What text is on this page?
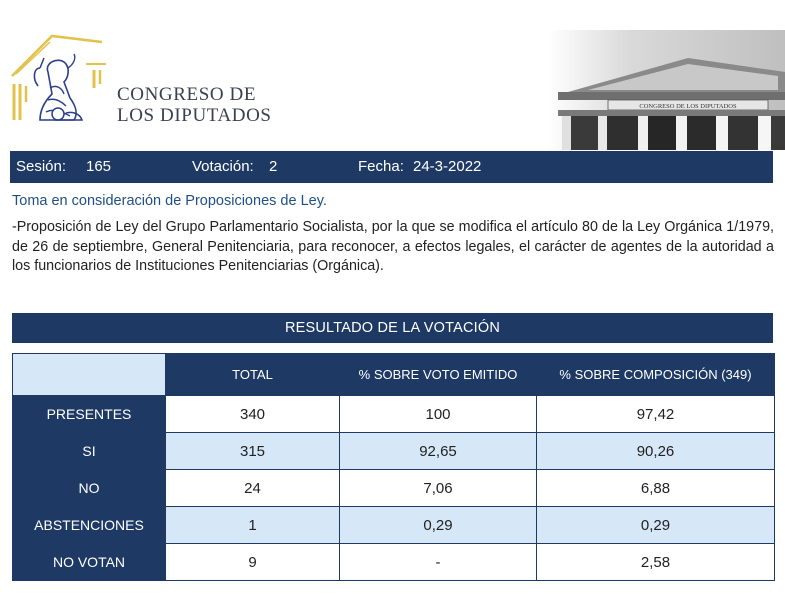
CONGRESO DE
LOS DIPUTADOS	CONGRESO DE LOS DIPUTADOS
Sesión: 165	Votación: 2	Fecha: 24-3-2022
Toma en consideración de Proposiciones de Ley.
-Proposición de Ley del Grupo Parlamentario Socialista, por la que se modifica el artículo 80 de la Ley Orgánica 1/1979, de 26 de septiembre, General Penitenciaria, para reconocer, a efectos legales, el carácter de agentes de la autoridad a los funcionarios de Instituciones Penitenciarias (Orgánica).
RESULTADO DE LA VOTACIÓN
	TOTAL	% SOBRE VOTO EMITIDO	% SOBRE COMPOSICIÓN (349)
PRESENTES	340	100	97,42
SI	315	92,65	90,26
NO	24	7,06	6,88
ABSTENCIONES	1	0,29	0,29
NO VOTAN	9	-	2,58
